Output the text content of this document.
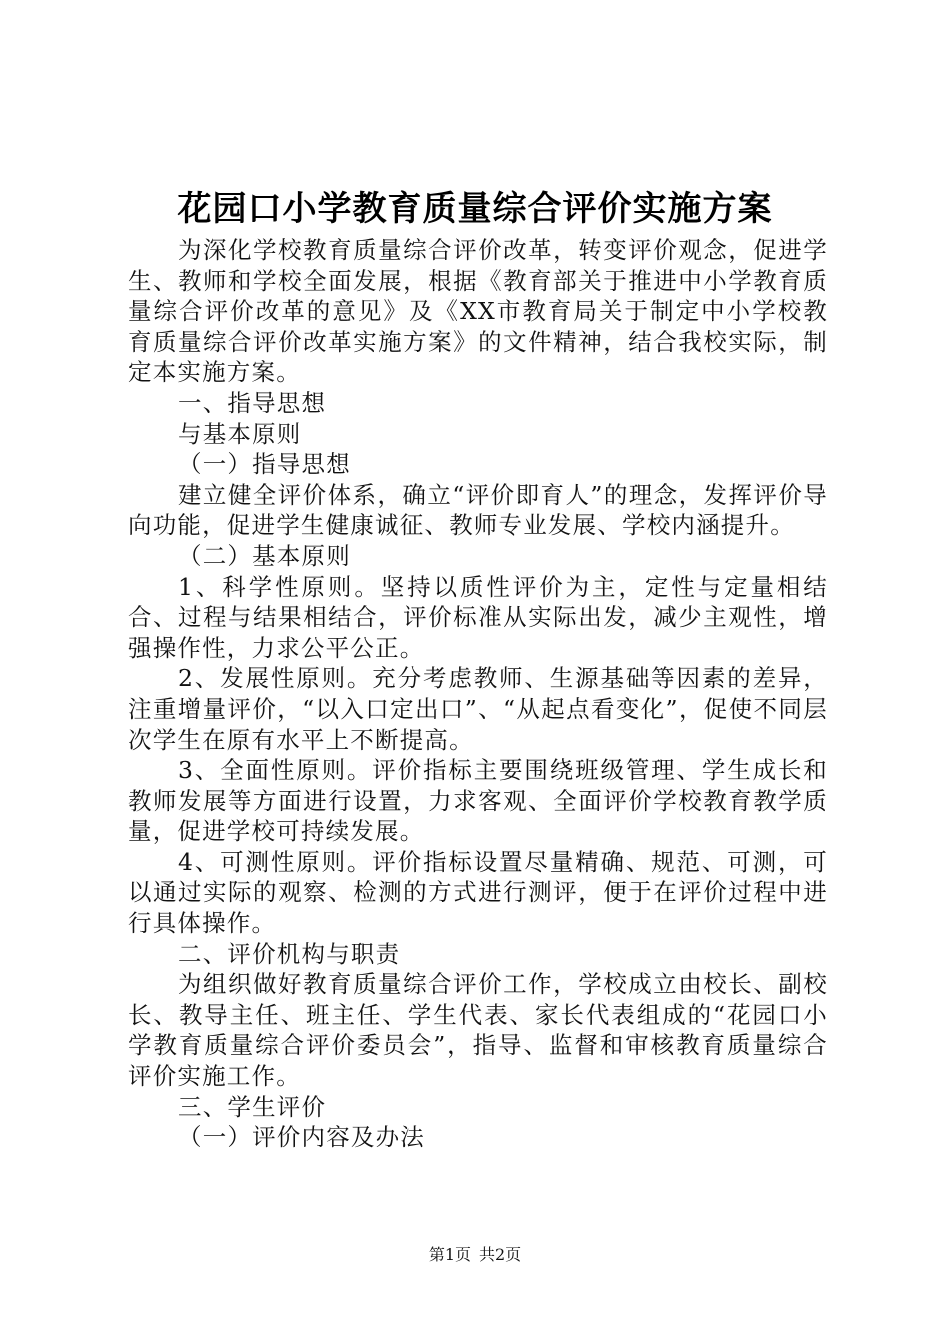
花园口小学教育质量综合评价实施方案

为深化学校教育质量综合评价改革，转变评价观念，促进学生、教师和学校全面发展，根据《教育部关于推进中小学教育质量综合评价改革的意见》及《XX市教育局关于制定中小学校教育质量综合评价改革实施方案》的文件精神，结合我校实际，制定本实施方案。

一、指导思想

与基本原则

（一）指导思想

建立健全评价体系，确立“评价即育人”的理念，发挥评价导向功能，促进学生健康诚征、教师专业发展、学校内涵提升。

（二）基本原则

1、科学性原则。坚持以质性评价为主，定性与定量相结合、过程与结果相结合，评价标准从实际出发，减少主观性，增强操作性，力求公平公正。

2、发展性原则。充分考虑教师、生源基础等因素的差异，注重增量评价，“以入口定出口”、“从起点看变化”，促使不同层次学生在原有水平上不断提高。

3、全面性原则。评价指标主要围绕班级管理、学生成长和教师发展等方面进行设置，力求客观、全面评价学校教育教学质量，促进学校可持续发展。

4、可测性原则。评价指标设置尽量精确、规范、可测，可以通过实际的观察、检测的方式进行测评，便于在评价过程中进行具体操作。

二、评价机构与职责

为组织做好教育质量综合评价工作，学校成立由校长、副校长、教导主任、班主任、学生代表、家长代表组成的“花园口小学教育质量综合评价委员会”，指导、监督和审核教育质量综合评价实施工作。

三、学生评价

（一）评价内容及办法

第1页 共2页
